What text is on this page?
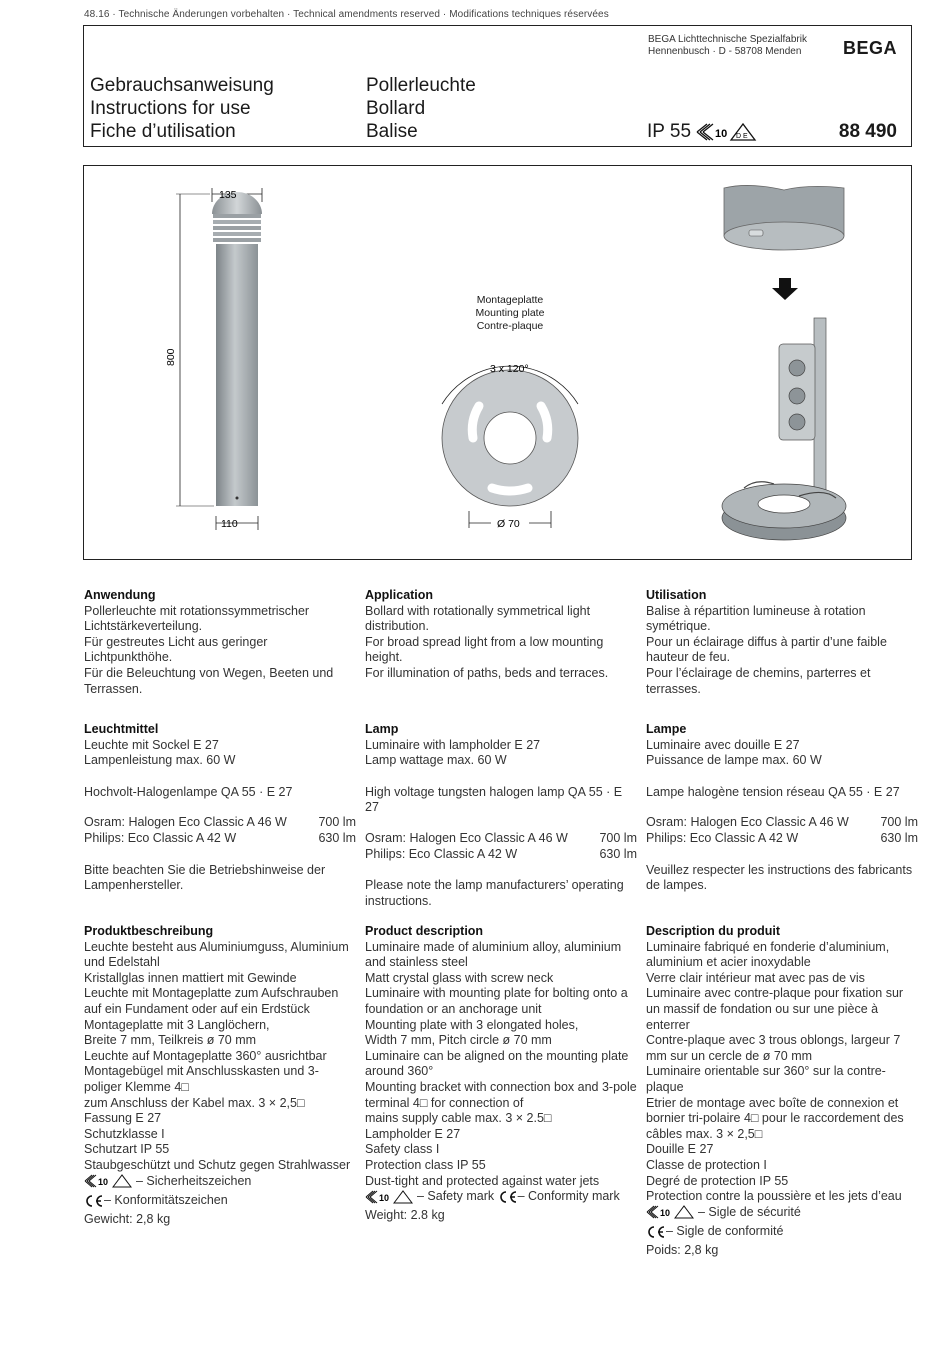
48.16 · Technische Änderungen vorbehalten · Technical amendments reserved · Modifications techniques réservées
BEGA Lichttechnische Spezialfabrik
Hennenbusch · D - 58708 Menden	BEGA
Gebrauchsanweisung
Instructions for use
Fiche d’utilisation
Pollerleuchte
Bollard
Balise	IP 55 10 D E	88 490
135
800
110
3 x 120°
Ø 70
Montageplatte
Mounting plate
Contre-plaque
Anwendung

Pollerleuchte mit rotationssymmetrischer Lichtstärkeverteilung.
Für gestreutes Licht aus geringer Lichtpunkthöhe.
Für die Beleuchtung von Wegen, Beeten und Terrassen.

Leuchtmittel

Leuchte mit Sockel E 27
Lampenleistung max. 60 W

Hochvolt-Halogenlampe QA 55 · E 27

Osram: Halogen Eco Classic A 46 W	700 lm
Philips: Eco Classic A 42 W	630 lm

Bitte beachten Sie die Betriebshinweise der Lampenhersteller.

Produktbeschreibung

Leuchte besteht aus Aluminiumguss, Aluminium und Edelstahl
Kristallglas innen mattiert mit Gewinde
Leuchte mit Montageplatte zum Aufschrauben auf ein Fundament oder auf ein Erdstück
Montageplatte mit 3 Langlöchern,
Breite 7 mm, Teilkreis ø 70 mm
Leuchte auf Montageplatte 360° ausrichtbar
Montagebügel mit Anschlusskasten und 3-poliger Klemme 4□
zum Anschluss der Kabel max. 3 × 2,5□
Fassung E 27
Schutzklasse I
Schutzart IP 55
Staubgeschützt und Schutz gegen Strahlwasser

10 – Sicherheitszeichen

– Konformitätszeichen

Gewicht: 2,8 kg

Application

Bollard with rotationally symmetrical light distribution.
For broad spread light from a low mounting height.
For illumination of paths, beds and terraces.

Lamp

Luminaire with lampholder E 27
Lamp wattage max. 60 W

High voltage tungsten halogen lamp QA 55 · E 27

Osram: Halogen Eco Classic A 46 W	700 lm
Philips: Eco Classic A 42 W	630 lm

Please note the lamp manufacturers’ operating instructions.

Product description

Luminaire made of aluminium alloy, aluminium and stainless steel
Matt crystal glass with screw neck
Luminaire with mounting plate for bolting onto a foundation or an anchorage unit
Mounting plate with 3 elongated holes,
Width 7 mm, Pitch circle ø 70 mm
Luminaire can be aligned on the mounting plate around 360°
Mounting bracket with connection box and 3-pole terminal 4□ for connection of
mains supply cable max. 3 × 2.5□
Lampholder E 27
Safety class I
Protection class IP 55
Dust-tight and protected against water jets

10 – Safety mark
– Conformity mark

Weight: 2.8 kg

Utilisation

Balise à répartition lumineuse à rotation symétrique.
Pour un éclairage diffus à partir d’une faible hauteur de feu.
Pour l’éclairage de chemins, parterres et terrasses.

Lampe

Luminaire avec douille E 27
Puissance de lampe max. 60 W

Lampe halogène tension réseau QA 55 · E 27

Osram: Halogen Eco Classic A 46 W	700 lm
Philips: Eco Classic A 42 W	630 lm

Veuillez respecter les instructions des fabricants de lampes.

Description du produit

Luminaire fabriqué en fonderie d’aluminium, aluminium et acier inoxydable
Verre clair intérieur mat avec pas de vis
Luminaire avec contre-plaque pour fixation sur un massif de fondation ou sur une pièce à enterrer
Contre-plaque avec 3 trous oblongs, largeur 7 mm sur un cercle de ø 70 mm
Luminaire orientable sur 360° sur la contre-plaque
Etrier de montage avec boîte de connexion et bornier tri-polaire 4□ pour le raccordement des câbles max. 3 × 2,5□
Douille E 27
Classe de protection I
Degré de protection IP 55
Protection contre la poussière et les jets d’eau

10 – Sigle de sécurité

– Sigle de conformité

Poids: 2,8 kg
